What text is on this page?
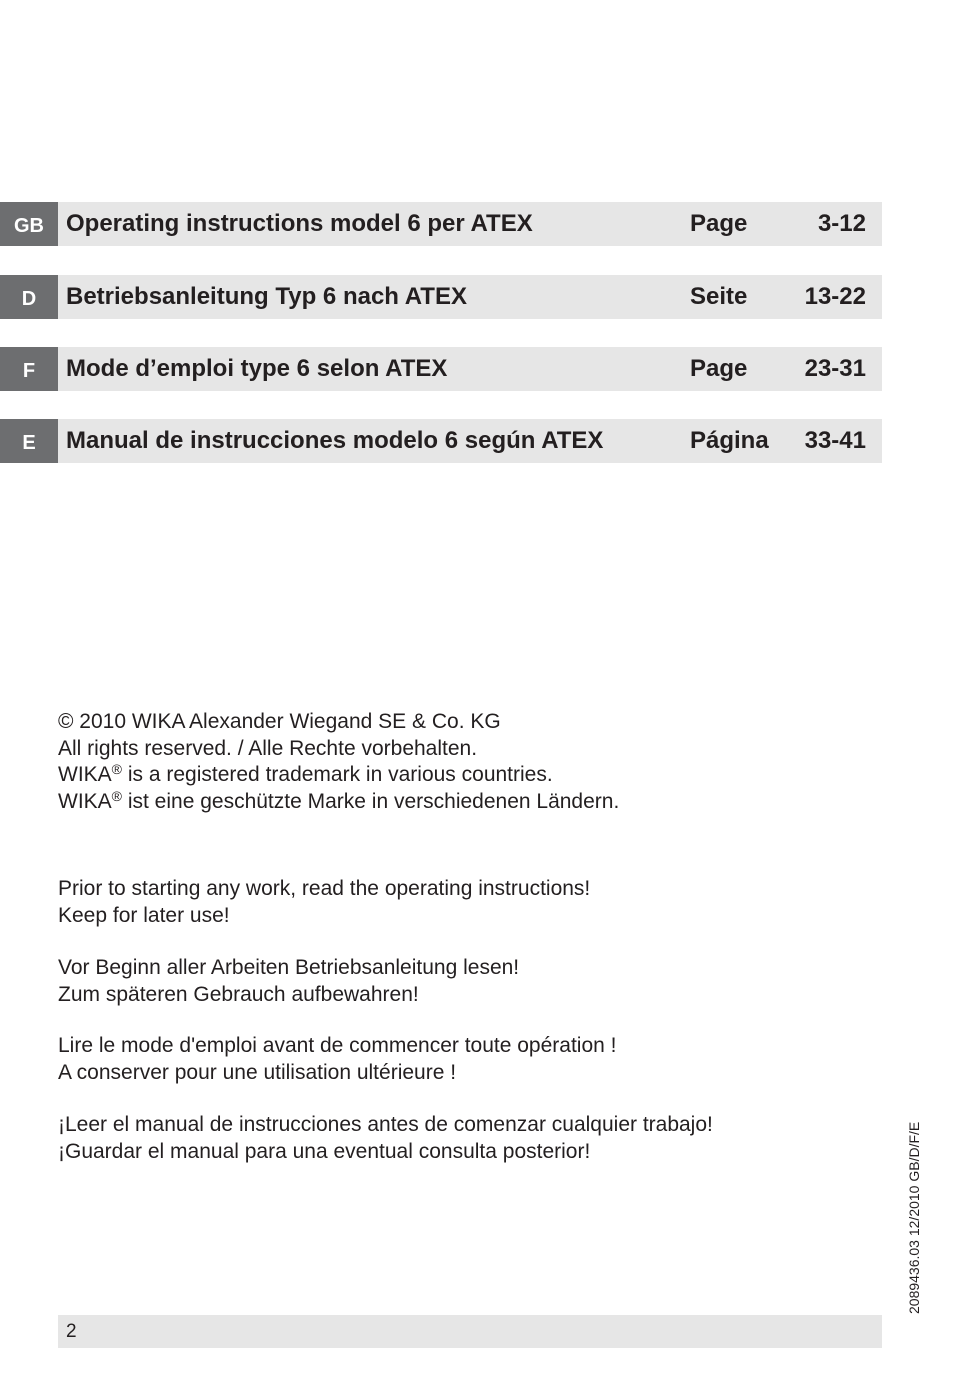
GB Operating instructions model 6 per ATEX	Page	3-12
D	Betriebsanleitung Typ 6 nach ATEX	Seite 13-22
F	Mode d’emploi type 6 selon ATEX	Page 23-31
E	Manual de instrucciones modelo 6 según ATEX	Página 33-41
© 2010 WIKA Alexander Wiegand SE & Co. KG
All rights reserved. / Alle Rechte vorbehalten.
WIKA® is a registered trademark in various countries.
WIKA® ist eine geschützte Marke in verschiedenen Ländern.
Prior to starting any work, read the operating instructions!
Keep for later use!
Vor Beginn aller Arbeiten Betriebsanleitung lesen!
Zum späteren Gebrauch aufbewahren!
Lire le mode d'emploi avant de commencer toute opération !
A conserver pour une utilisation ultérieure !
¡Leer el manual de instrucciones antes de comenzar cualquier trabajo!
¡Guardar el manual para una eventual consulta posterior!	2089436.03 12/2010 GB/D/F/E
2
